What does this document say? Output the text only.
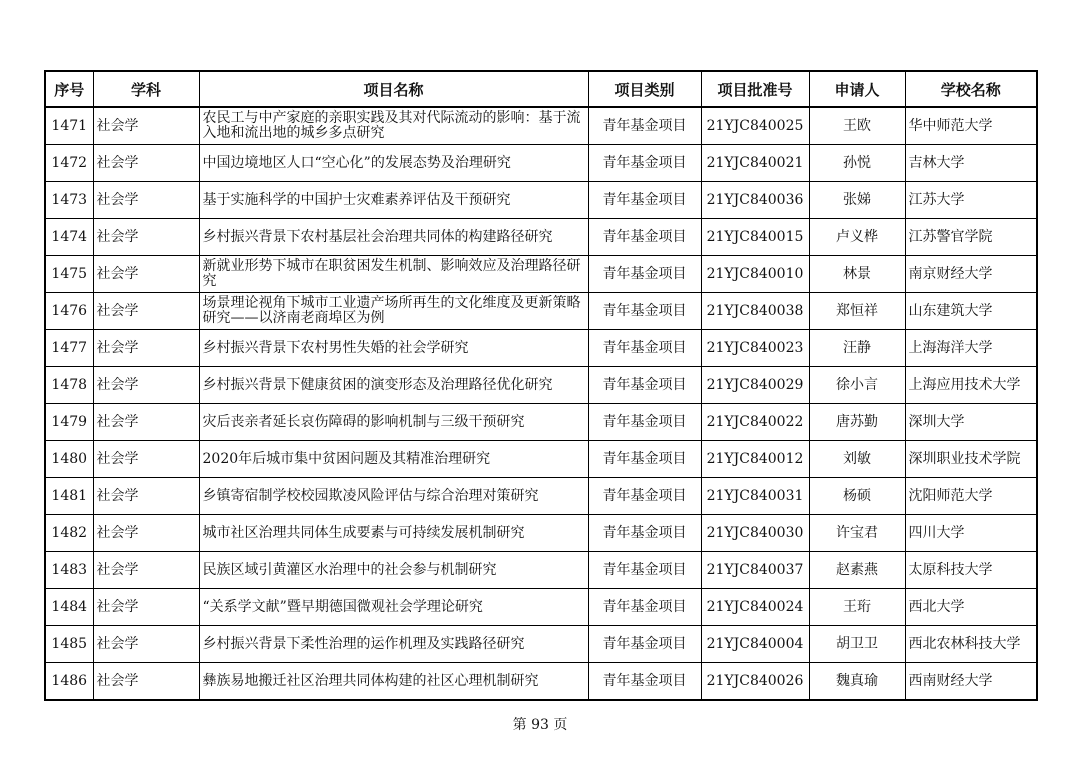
序号	学科	项目名称	项目类别	项目批准号	申请人	学校名称
1471	社会学	农民工与中产家庭的亲职实践及其对代际流动的影响：基于流入地和流出地的城乡多点研究	青年基金项目	21YJC840025	王欧	华中师范大学
1472	社会学	中国边境地区人口“空心化”的发展态势及治理研究	青年基金项目	21YJC840021	孙悦	吉林大学
1473	社会学	基于实施科学的中国护士灾难素养评估及干预研究	青年基金项目	21YJC840036	张娣	江苏大学
1474	社会学	乡村振兴背景下农村基层社会治理共同体的构建路径研究	青年基金项目	21YJC840015	卢义桦	江苏警官学院
1475	社会学	新就业形势下城市在职贫困发生机制、影响效应及治理路径研究	青年基金项目	21YJC840010	林景	南京财经大学
1476	社会学	场景理论视角下城市工业遗产场所再生的文化维度及更新策略研究——以济南老商埠区为例	青年基金项目	21YJC840038	郑恒祥	山东建筑大学
1477	社会学	乡村振兴背景下农村男性失婚的社会学研究	青年基金项目	21YJC840023	汪静	上海海洋大学
1478	社会学	乡村振兴背景下健康贫困的演变形态及治理路径优化研究	青年基金项目	21YJC840029	徐小言	上海应用技术大学
1479	社会学	灾后丧亲者延长哀伤障碍的影响机制与三级干预研究	青年基金项目	21YJC840022	唐苏勤	深圳大学
1480	社会学	2020年后城市集中贫困问题及其精准治理研究	青年基金项目	21YJC840012	刘敏	深圳职业技术学院
1481	社会学	乡镇寄宿制学校校园欺凌风险评估与综合治理对策研究	青年基金项目	21YJC840031	杨硕	沈阳师范大学
1482	社会学	城市社区治理共同体生成要素与可持续发展机制研究	青年基金项目	21YJC840030	许宝君	四川大学
1483	社会学	民族区域引黄灌区水治理中的社会参与机制研究	青年基金项目	21YJC840037	赵素燕	太原科技大学
1484	社会学	“关系学文献”暨早期德国微观社会学理论研究	青年基金项目	21YJC840024	王珩	西北大学
1485	社会学	乡村振兴背景下柔性治理的运作机理及实践路径研究	青年基金项目	21YJC840004	胡卫卫	西北农林科技大学
1486	社会学	彝族易地搬迁社区治理共同体构建的社区心理机制研究	青年基金项目	21YJC840026	魏真瑜	西南财经大学
第 93 页
